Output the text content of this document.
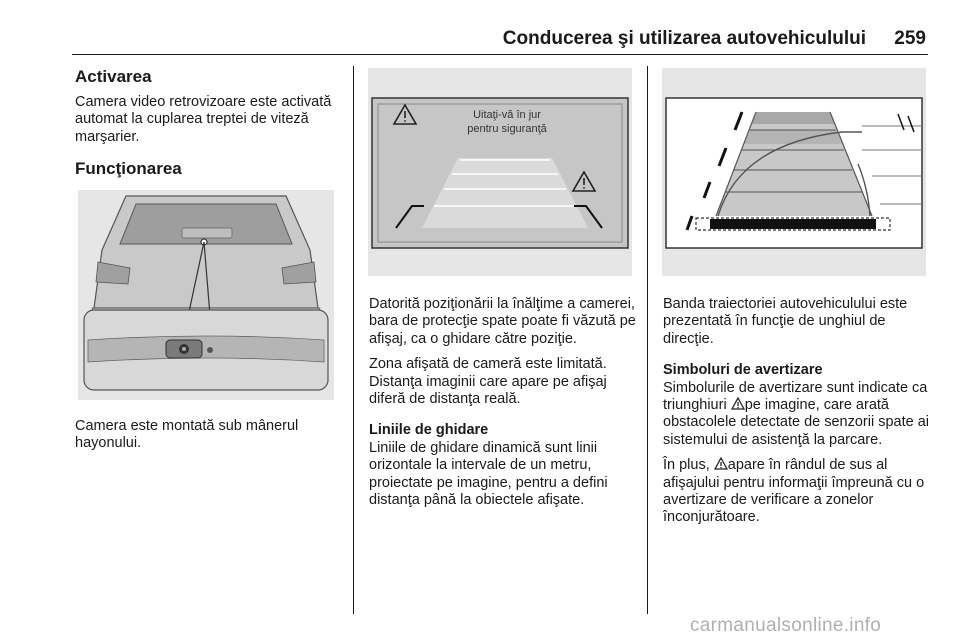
Conducerea şi utilizarea autovehiculului 259
Activarea

Camera video retrovizoare este activată automat la cuplarea treptei de viteză marşarier.

Funcţionarea

Camera este montată sub mânerul hayonului.

Uitaţi-vă în jur
pentru siguranţă

Datorită poziţionării la înălţime a camerei, bara de protecţie spate poate fi văzută pe afişaj, ca o ghidare către poziţie.

Zona afişată de cameră este limitată. Distanţa imaginii care apare pe afişaj diferă de distanţa reală.

Liniile de ghidare

Liniile de ghidare dinamică sunt linii orizontale la intervale de un metru, proiectate pe imagine, pentru a defini distanţa până la obiectele afişate.

Banda traiectoriei autovehiculului este prezentată în funcţie de unghiul de direcţie.

Simboluri de avertizare

Simbolurile de avertizare sunt indicate ca triunghiuri pe imagine, care arată obstacolele detectate de senzorii spate ai sistemului de asistenţă la parcare.

În plus, apare în rândul de sus al afişajului pentru informaţii împreună cu o avertizare de verificare a zonelor înconjurătoare.

carmanualsonline.info
